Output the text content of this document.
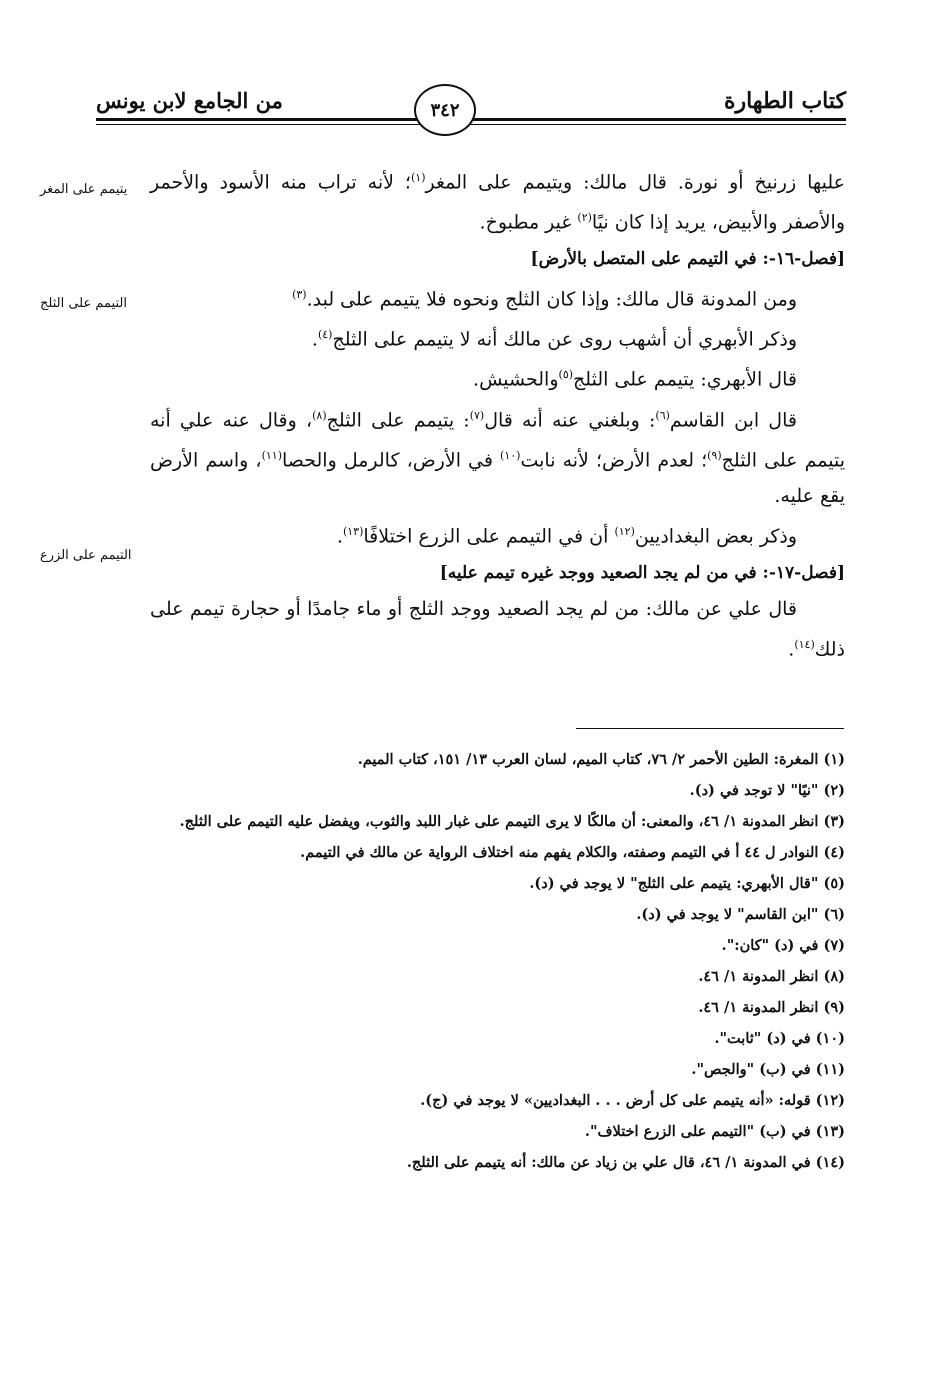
كتاب الطهارة
من الجامع لابن يونس	٣٤٢
يتيمم على المغر
التيمم على الثلج
التيمم على الزرع

عليها زرنيخ أو نورة. قال مالك: ويتيمم على المغر$^{(١)}$؛ لأنه تراب منه الأسود والأحمر والأصفر والأبيض، يريد إذا كان نيًا$^{(٢)}$ غير مطبوخ.

[فصل-١٦-: في التيمم على المتصل بالأرض]

ومن المدونة قال مالك: وإذا كان الثلج ونحوه فلا يتيمم على لبد.$^{(٣)}$

وذكر الأبهري أن أشهب روى عن مالك أنه لا يتيمم على الثلج$^{(٤)}$.

قال الأبهري: يتيمم على الثلج$^{(٥)}$والحشيش.

قال ابن القاسم$^{(٦)}$: وبلغني عنه أنه قال$^{(٧)}$: يتيمم على الثلج$^{(٨)}$، وقال عنه علي أنه يتيمم على الثلج$^{(٩)}$؛ لعدم الأرض؛ لأنه نابت$^{(١٠)}$ في الأرض، كالرمل والحصا$^{(١١)}$، واسم الأرض يقع عليه.

وذكر بعض البغداديين$^{(١٢)}$ أن في التيمم على الزرع اختلافًا$^{(١٣)}$.

[فصل-١٧-: في من لم يجد الصعيد ووجد غيره تيمم عليه]

قال علي عن مالك: من لم يجد الصعيد ووجد الثلج أو ماء جامدًا أو حجارة تيمم على ذلك$^{(١٤)}$.

(١) المغرة: الطين الأحمر ٢/ ٧٦، كتاب الميم، لسان العرب ١٣/ ١٥١، كتاب الميم.

(٢) "نيًا" لا توجد في (د).

(٣) انظر المدونة ١/ ٤٦، والمعنى: أن مالكًا لا يرى التيمم على غبار اللبد والثوب، ويفضل عليه التيمم على الثلج.

(٤) النوادر ل ٤٤ أ في التيمم وصفته، والكلام يفهم منه اختلاف الرواية عن مالك في التيمم.

(٥) "قال الأبهري: يتيمم على الثلج" لا يوجد في (د).

(٦) "ابن القاسم" لا يوجد في (د).

(٧) في (د) "كان:".

(٨) انظر المدونة ١/ ٤٦.

(٩) انظر المدونة ١/ ٤٦.

(١٠) في (د) "ثابت".

(١١) في (ب) "والجص".

(١٢) قوله: «أنه يتيمم على كل أرض . . . البغداديين» لا يوجد في (ج).

(١٣) في (ب) "التيمم على الزرع اختلاف".

(١٤) في المدونة ١/ ٤٦، قال علي بن زياد عن مالك: أنه يتيمم على الثلج.
